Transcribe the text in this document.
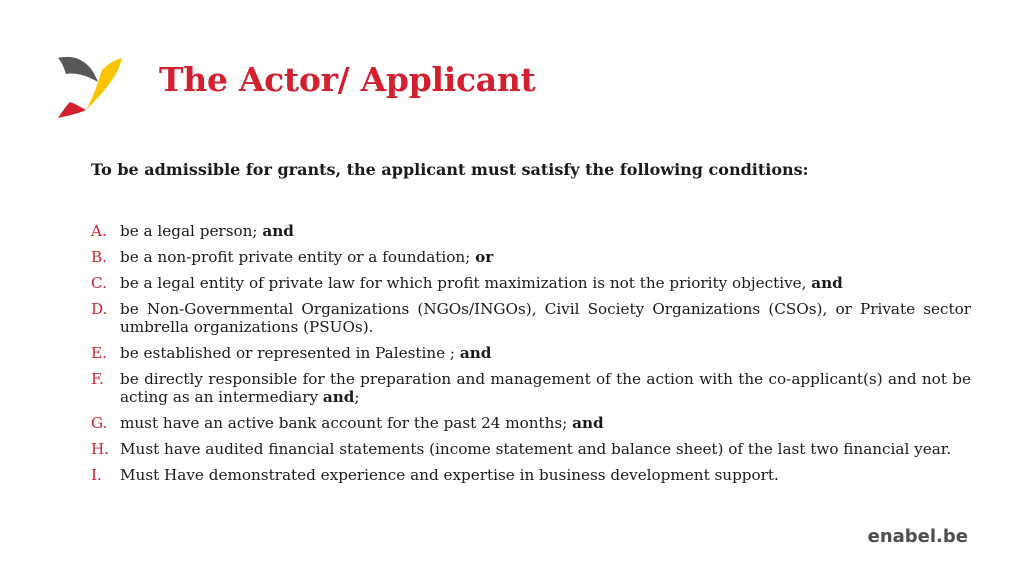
The Actor/ Applicant
To be admissible for grants, the applicant must satisfy the following conditions:
A. be a legal person; and
B. be a non-profit private entity or a foundation; or
C. be a legal entity of private law for which profit maximization is not the priority objective, and
D. be Non-Governmental Organizations (NGOs/INGOs), Civil Society Organizations (CSOs), or Private sector umbrella organizations (PSUOs).
E. be established or represented in Palestine ; and
F. be directly responsible for the preparation and management of the action with the co-applicant(s) and not be acting as an intermediary and;
G. must have an active bank account for the past 24 months; and
H. Must have audited financial statements (income statement and balance sheet) of the last two financial year.
I. Must Have demonstrated experience and expertise in business development support.
enabel.be
